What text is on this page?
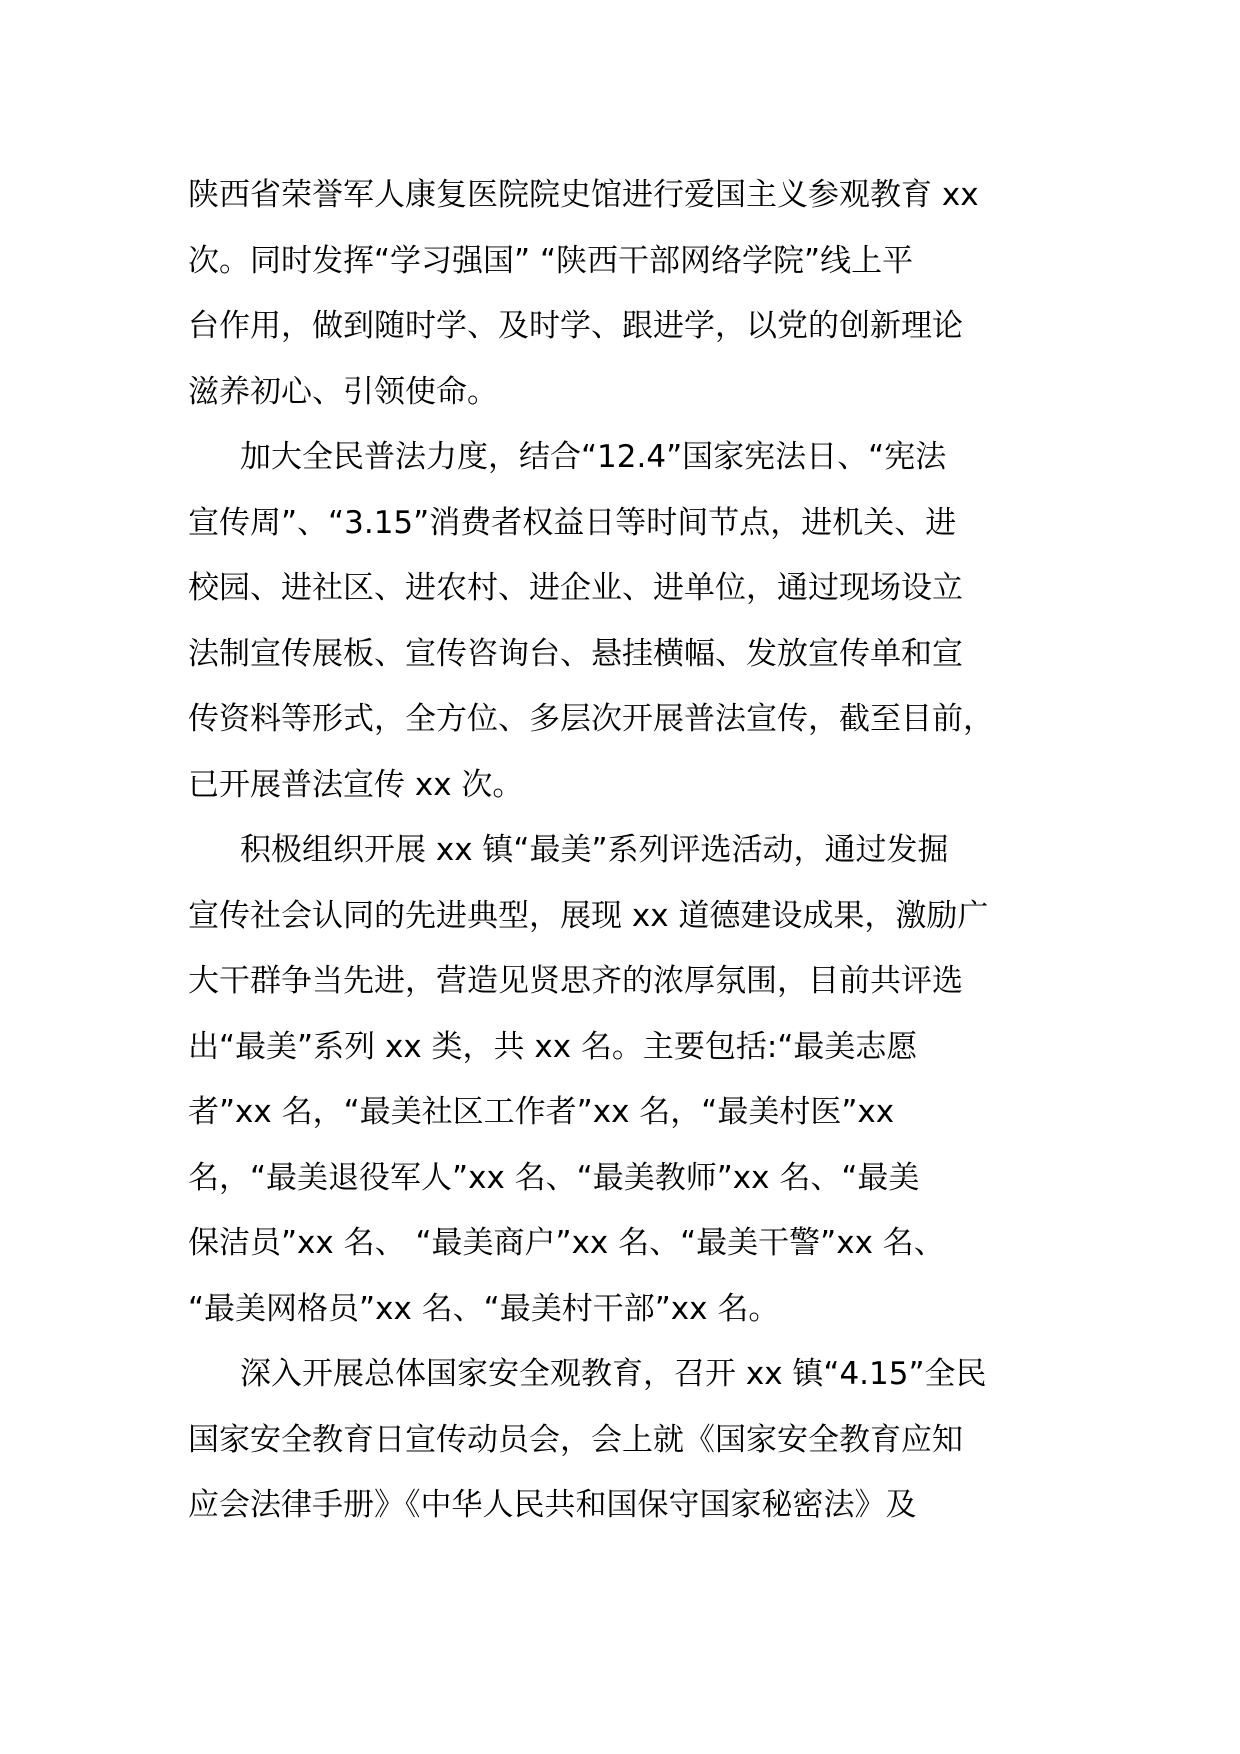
陕西省荣誉军人康复医院院史馆进行爱国主义参观教育 xx
次。同时发挥“学习强国” “陕西干部网络学院”线上平
台作用，做到随时学、及时学、跟进学，以党的创新理论
滋养初心、引领使命。
加大全民普法力度，结合“12.4”国家宪法日、“宪法
宣传周”、“3.15”消费者权益日等时间节点，进机关、进
校园、进社区、进农村、进企业、进单位，通过现场设立
法制宣传展板、宣传咨询台、悬挂横幅、发放宣传单和宣
传资料等形式，全方位、多层次开展普法宣传，截至目前，
已开展普法宣传 xx 次。
积极组织开展 xx 镇“最美”系列评选活动，通过发掘
宣传社会认同的先进典型，展现 xx 道德建设成果，激励广
大干群争当先进，营造见贤思齐的浓厚氛围，目前共评选
出“最美”系列 xx 类，共 xx 名。主要包括:“最美志愿
者”xx 名，“最美社区工作者”xx 名，“最美村医”xx
名，“最美退役军人”xx 名、“最美教师”xx 名、“最美
保洁员”xx 名、 “最美商户”xx 名、“最美干警”xx 名、
“最美网格员”xx 名、“最美村干部”xx 名。
深入开展总体国家安全观教育，召开 xx 镇“4.15”全民
国家安全教育日宣传动员会，会上就《国家安全教育应知
应会法律手册》《中华人民共和国保守国家秘密法》及
